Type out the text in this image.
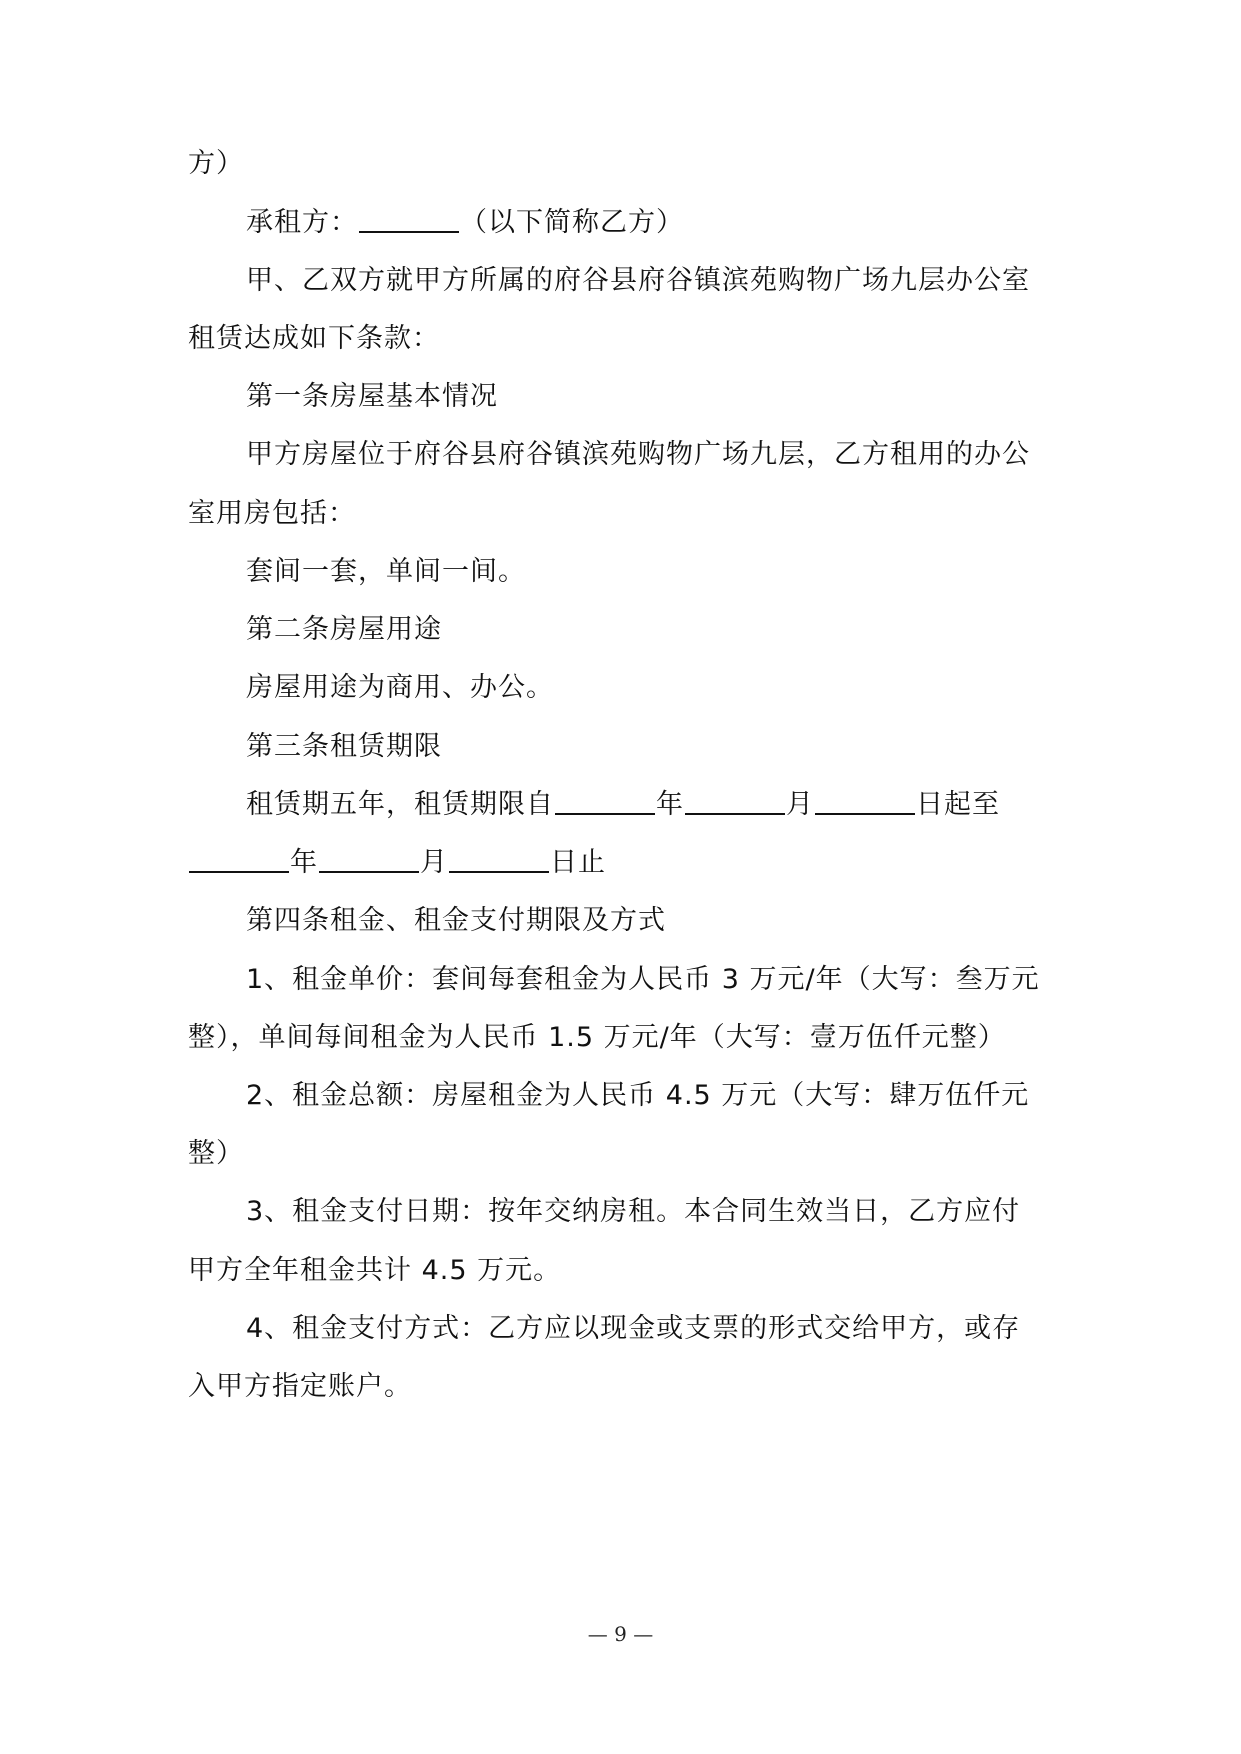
方）
承租方：	（以下简称乙方）
甲、乙双方就甲方所属的府谷县府谷镇滨苑购物广场九层办公室
租赁达成如下条款：
第一条房屋基本情况
甲方房屋位于府谷县府谷镇滨苑购物广场九层，乙方租用的办公
室用房包括：
套间一套，单间一间。
第二条房屋用途
房屋用途为商用、办公。
第三条租赁期限
租赁期五年，租赁期限自	年	月	日起至
年	月	日止
第四条租金、租金支付期限及方式
1、租金单价：套间每套租金为人民币 3 万元/年（大写：叁万元
整），单间每间租金为人民币 1.5 万元/年（大写：壹万伍仟元整）
2、租金总额：房屋租金为人民币 4.5 万元（大写：肆万伍仟元
整）
3、租金支付日期：按年交纳房租。本合同生效当日，乙方应付
甲方全年租金共计 4.5 万元。
4、租金支付方式：乙方应以现金或支票的形式交给甲方，或存
入甲方指定账户。
— 9 —
